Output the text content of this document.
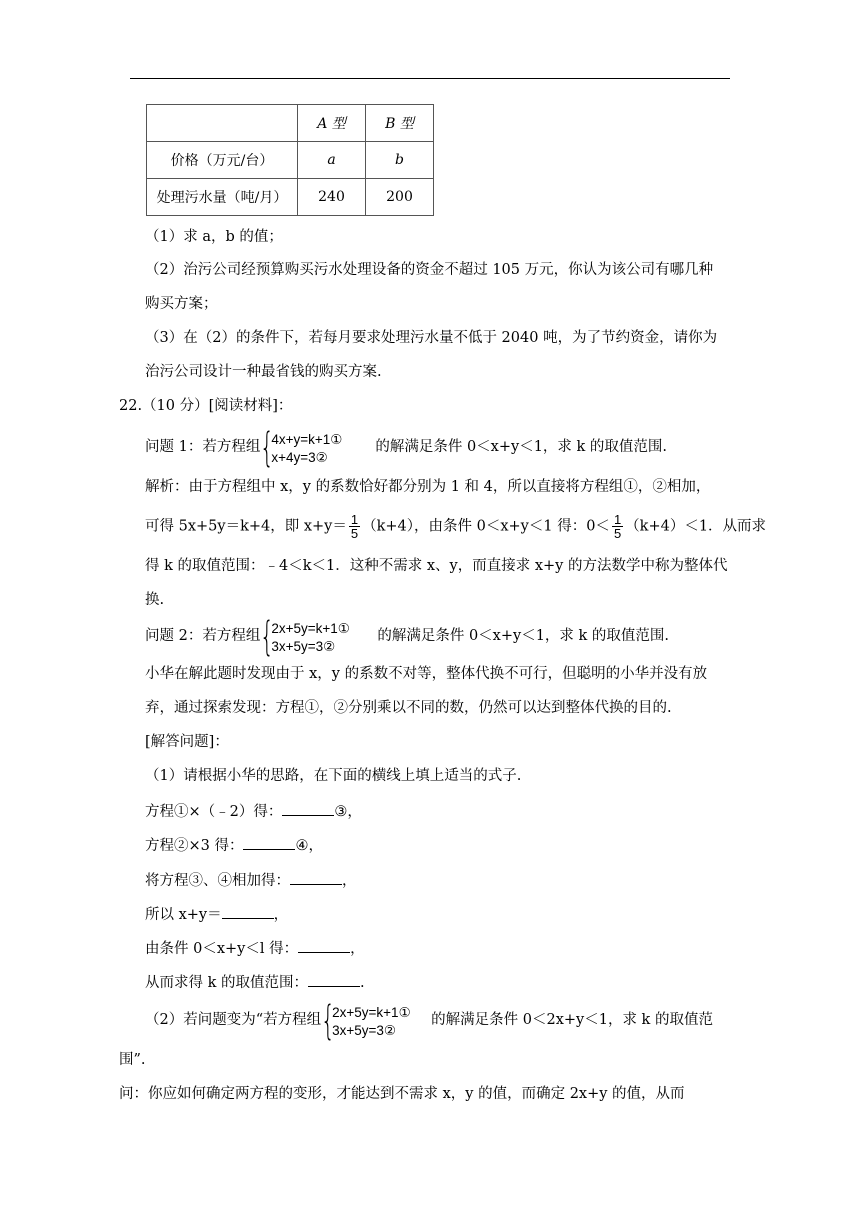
	A 型	B 型
价格（万元/台）	a	b
处理污水量（吨/月）	240	200
（1）求 a，b 的值；
（2）治污公司经预算购买污水处理设备的资金不超过 105 万元，你认为该公司有哪几种
购买方案；
（3）在（2）的条件下，若每月要求处理污水量不低于 2040 吨，为了节约资金，请你为
治污公司设计一种最省钱的购买方案.
22.（10 分）[阅读材料]：
问题 1：若方程组 {
4x+y=k+1①
x+4y=3②
的解满足条件 0＜x+y＜1，求 k 的取值范围.
解析：由于方程组中 x，y 的系数恰好都分别为 1 和 4，所以直接将方程组①，②相加，
可得 5x+5y＝k+4，即 $x+y= \frac{1}{5} (k+4)$，由条件 0＜x+y＜1 得：$0< \frac{1}{5} (k+4)<1$．从而求
得 k 的取值范围：﹣4＜k＜1．这种不需求 x、y，而直接求 x+y 的方法数学中称为整体代
换.
问题 2：若方程组 {
2x+5y=k+1①
3x+5y=3②
的解满足条件 0＜x+y＜1，求 k 的取值范围.
小华在解此题时发现由于 x，y 的系数不对等，整体代换不可行，但聪明的小华并没有放
弃，通过探索发现：方程①，②分别乘以不同的数，仍然可以达到整体代换的目的.
[解答问题]：
（1）请根据小华的思路，在下面的横线上填上适当的式子.
方程①×（﹣2）得：	③，
方程②×3 得：	④，
将方程③、④相加得：	，
所以 x+y＝	，
由条件 0＜x+y＜l 得：	，
从而求得 k 的取值范围：	.
（2）若问题变为“若方程组 {
2x+5y=k+1①
3x+5y=3②
的解满足条件 0＜2x+y＜1，求 k 的取值范
围”.
问：你应如何确定两方程的变形，才能达到不需求 x，y 的值，而确定 2x+y 的值，从而
